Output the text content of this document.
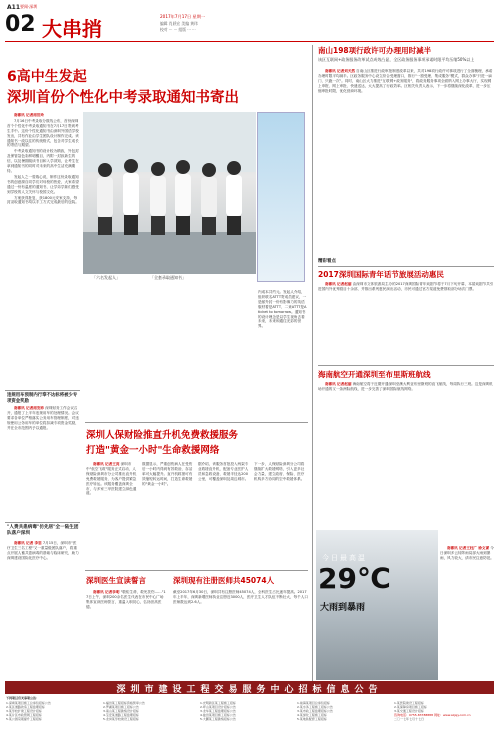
A11 要闻·深圳
02 大串捎
2017年7月17日 星期一
编辑 肖跃宏 美编 黄玮
校对 ··· ··· 组版 ··· ···
6高中生发起
深圳首份个性化中考录取通知书寄出

南都讯 记者周世玲

7月16日中考录取分数线公布，首份深圳首个个性化中考录取通知书在7月17日寄到考生手中。这份个性化通知书由深圳外国语学校发出，共有作业由学生团队设计制作完成。该通知书一改以往的传统格式，包含对学生成长的寄语与期望。

中考录取通知书的设计较为精致，外包封及保管袋色彩鲜明醒目，内附一封致新生的信，以及暑期阅读书目和入学须知，让考生在拿到通知书的同时对未来的高中生活充满期待。

发起人之一曾瑞心说，制作这份录取通知书的创意源自同学们对母校的热爱，大家希望通过一份有温度的通知书，让学弟学妹们感受到学校的人文关怀与校园文化。

方案获得批复，获1800元安家支持，每封录取通知书均以手工方式完成最后的包装。

「六名发起人」	「全套录取通知书」
内成本共约元。发起人介绍，组织联名ATTT寄成员建议，一是邮外封一份有影像力的英语版材着是ATTT、二来ATTT是A ticket to tomorrow。通知书的设计理念是以学生视角去看未来，未来和通往光彩的世界。
违规用车预制内行奉不达标将被少专项资金奖励

南都讯 记者周安沛 深圳财务工作会议召开，通报了上半年违规用车的处理情况。会议要求各单位严格落实公务用车管理制度，对违规使用公务用车的单位将扣减专项资金奖励，并在全市范围内予以通报。

"人费共患病毒"仿先居"全一陆生团队落户深圳

南都讯 记者 李思 7月15日，深圳市"医疗卫生三名工程"又一重量级团队落户，将重点开展人畜共患病毒的基础与临床研究，助力深圳建设国际化医疗中心。

深圳人保财险推直升机免费救援服务
打造"黄金一小时"生命救援网络

南都讯 记者王亮 深圳市中"低空飞救"服务正式启动，人保财险深圳市分公司推出直升机免费救援服务，为客户提供紧急医疗转运。该服务覆盖深圳全市，与多家三甲医院建立绿色通道。

数据显示，严重创伤病人在受伤后一小时内得到有效救治，存活率可大幅提升。直升机救援可有效缩短转运时间，打造生命救援的"黄金一小时"。
据介绍，该服务首批投入两架专业救援直升机，配备专业医护人员和急救设备，救援半径达200公里，可覆盖深圳及周边城市。
下一步，人保财险深圳分公司将继续扩大救援网络，引入更多社会力量，建立政府、保险、医疗机构多方协同的空中救援体系。
深圳医生宣读誓言

南都讯 记者李明 "敬佑生命，救死扶伤……"17日上午，深圳200余名医生代表在市民中心广场集体宣读医师誓言，重温入职初心，弘扬崇高医德。

深圳现有注册医师共45074人
截至2017年6月30日，深圳共有注册医师45074人，全科医生占比逐年提高。2017年上半年，深圳新增医师执业注册近3000人，医疗卫生人才队伍不断壮大，每千人口医师数达到2.6人。
南山198项行政许可办理用时减半
该区互联网+政务服务改革试点成效凸显，全区政务服务事项承诺时限平均压缩50%以上

南都讯 记者刘天然 自南山区推进行政审批制度改革以来，共对198项行政许可事项进行了全面梳理，承诺办理时限平均减半。区政务服务中心设立综合受理窗口，推行"一窗受理、集成服务"模式，群众办事"只进一扇门、只跑一次"。同时，南山区大力推进"互联网+政务服务"，将政务服务事项全面纳入网上办事大厅，实现网上申报、网上审批、快递送达，大大提高了行政效率。区相关负责人表示，下一步将继续深化改革，进一步压缩审批时限，优化营商环境。

精彩看点
2017深圳国际青年话节旅展活动惠民

南都讯 记者赵丽 由深圳市文体旅游局主办的2017深圳国际青年戏剧节将于7月下旬开幕，本届戏剧节共引进国内外优秀剧目十余部，并推出系列惠民演出活动，市民可通过官方渠道免费领取部分场次门票。

海南航空开通深圳至布里斯班航线

南都讯 记者赵丽 海南航空将于近期开通深圳至澳大利亚布里斯班的直飞航线，每周执行三班。这是深圳机场开通的又一条洲际航线，进一步完善了深圳国际航线网络。

今日最高温
29℃
大雨到暴雨

南都讯 记者王柱广 徐文谋 今日深圳多云转阵雨局部大雨到暴雨，风力较大，请市民注意防范。

深圳市建设工程交易服务中心招标信息公告
下列项目有关事项公告：
1.深圳某项目施工总承包招标公告
2.某区道路改造工程监理招标
3.某学校扩建工程设计招标
4.某片区市政管网工程招标
5.某公园景观提升工程招标
1.福田某工程招标资格预审公告
2.罗湖某项目施工招标公告
3.南山某工程勘察设计招标
4.宝安某道路工程监理招标
5.龙岗某学校建设工程招标
1.光明新区某工程施工招标
2.坪山某项目设计招标公告
3.龙华某工程监理招标公告
4.盐田某项目施工招标公告
5.大鹏某工程勘察招标公告
1.前海某项目总承包招标
2.某水务工程施工招标公告
3.某市政工程监理招标公告
4.某绿化工程施工招标
5.某地铁配套工程招标
1.某医院建设工程招标
2.某保障房项目施工招标
3.某交通工程设计招标
咨询电话：0755-83788888 网址：www.szjsjy.com.cn
二〇一七年七月十七日
